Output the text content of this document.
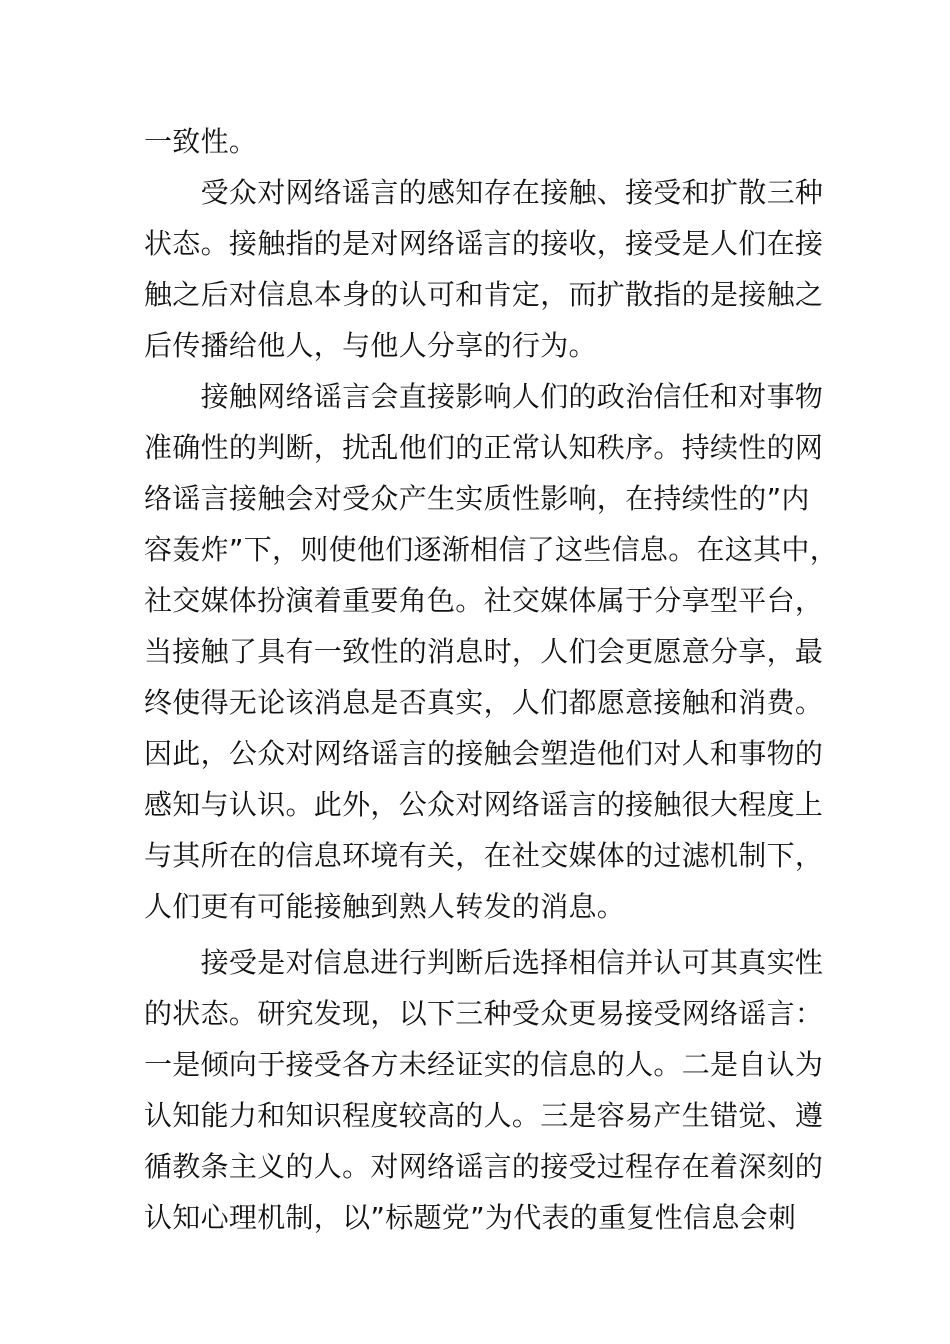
一致性。
　　受众对网络谣言的感知存在接触、接受和扩散三种
状态。接触指的是对网络谣言的接收，接受是人们在接
触之后对信息本身的认可和肯定，而扩散指的是接触之
后传播给他人，与他人分享的行为。
　　接触网络谣言会直接影响人们的政治信任和对事物
准确性的判断，扰乱他们的正常认知秩序。持续性的网
络谣言接触会对受众产生实质性影响，在持续性的”内
容轰炸”下，则使他们逐渐相信了这些信息。在这其中，
社交媒体扮演着重要角色。社交媒体属于分享型平台，
当接触了具有一致性的消息时，人们会更愿意分享，最
终使得无论该消息是否真实，人们都愿意接触和消费。
因此，公众对网络谣言的接触会塑造他们对人和事物的
感知与认识。此外，公众对网络谣言的接触很大程度上
与其所在的信息环境有关，在社交媒体的过滤机制下，
人们更有可能接触到熟人转发的消息。
　　接受是对信息进行判断后选择相信并认可其真实性
的状态。研究发现，以下三种受众更易接受网络谣言：
一是倾向于接受各方未经证实的信息的人。二是自认为
认知能力和知识程度较高的人。三是容易产生错觉、遵
循教条主义的人。对网络谣言的接受过程存在着深刻的
认知心理机制，以”标题党”为代表的重复性信息会刺
